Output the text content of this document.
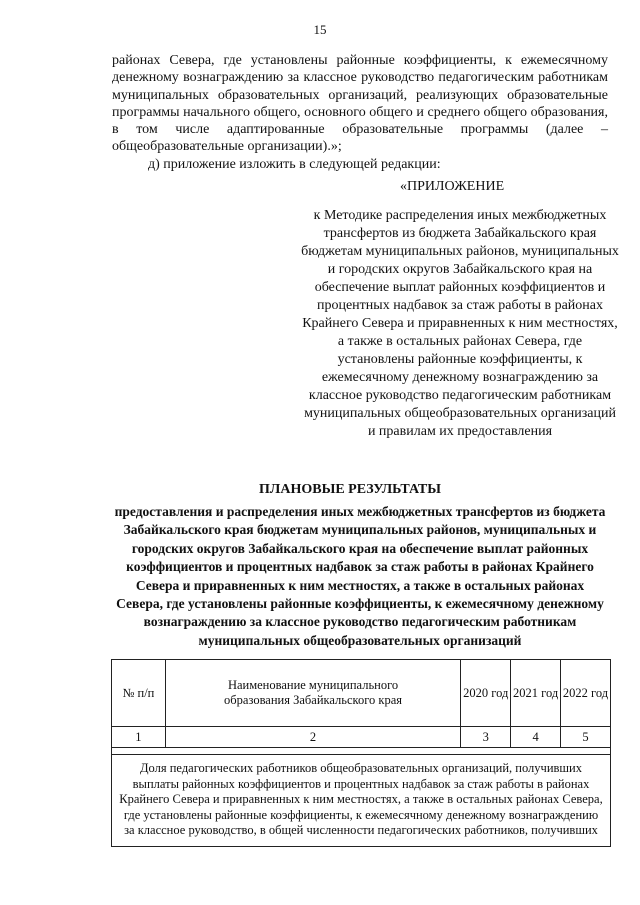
15

районах Севера, где установлены районные коэффициенты, к ежемесячному денежному вознаграждению за классное руководство педагогическим работникам муниципальных образовательных организаций, реализующих образовательные программы начального общего, основного общего и среднего общего образования, в том числе адаптированные образовательные программы (далее – общеобразовательные организации).»;

д) приложение изложить в следующей редакции:

«ПРИЛОЖЕНИЕ
к Методике распределения иных межбюджетных трансфертов из бюджета Забайкальского края бюджетам муниципальных районов, муниципальных и городских округов Забайкальского края на обеспечение выплат районных коэффициентов и процентных надбавок за стаж работы в районах Крайнего Севера и приравненных к ним местностях, а также в остальных районах Севера, где установлены районные коэффициенты, к ежемесячному денежному вознаграждению за классное руководство педагогическим работникам муниципальных общеобразовательных организаций и правилам их предоставления
ПЛАНОВЫЕ РЕЗУЛЬТАТЫ
предоставления и распределения иных межбюджетных трансфертов из бюджета Забайкальского края бюджетам муниципальных районов, муниципальных и городских округов Забайкальского края на обеспечение выплат районных коэффициентов и процентных надбавок за стаж работы в районах Крайнего Севера и приравненных к ним местностях, а также в остальных районах Севера, где установлены районные коэффициенты, к ежемесячному денежному вознаграждению за классное руководство педагогическим работникам муниципальных общеобразовательных организаций
№ п/п	Наименование муниципального образования Забайкальского края	2020 год	2021 год	2022 год
1	2	3	4	5

Доля педагогических работников общеобразовательных организаций, получивших выплаты районных коэффициентов и процентных надбавок за стаж работы в районах Крайнего Севера и приравненных к ним местностях, а также в остальных районах Севера, где установлены районные коэффициенты, к ежемесячному денежному вознаграждению за классное руководство, в общей численности педагогических работников, получивших				
